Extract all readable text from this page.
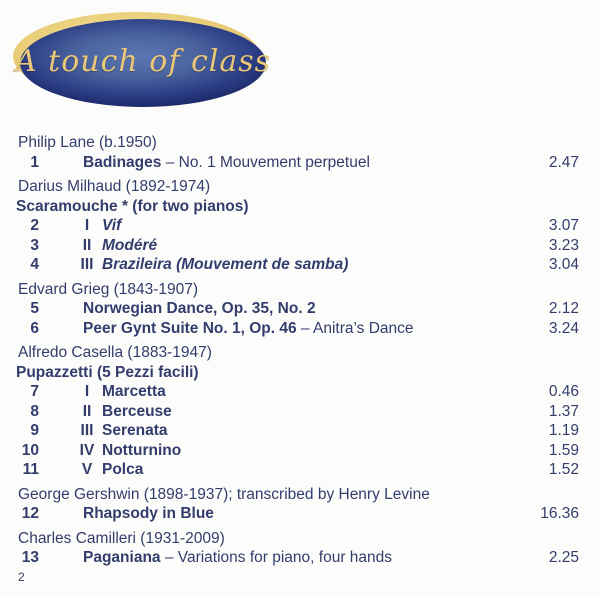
A touch of class
Philip Lane (b.1950)
1	Badinages – No. 1 Mouvement perpetuel	2.47
Darius Milhaud (1892-1974)
Scaramouche * (for two pianos)
2	I Vif	3.07
3	II Modéré	3.23
4	III Brazileira (Mouvement de samba)	3.04
Edvard Grieg (1843-1907)
5	Norwegian Dance, Op. 35, No. 2	2.12
6	Peer Gynt Suite No. 1, Op. 46 – Anitra’s Dance	3.24
Alfredo Casella (1883-1947)
Pupazzetti (5 Pezzi facili)
7	I Marcetta	0.46
8	II Berceuse	1.37
9	III Serenata	1.19
10	IV Notturnino	1.59
11	V Polca	1.52
George Gershwin (1898-1937); transcribed by Henry Levine
12	Rhapsody in Blue	16.36
Charles Camilleri (1931-2009)
13	Paganiana – Variations for piano, four hands	2.25
2
